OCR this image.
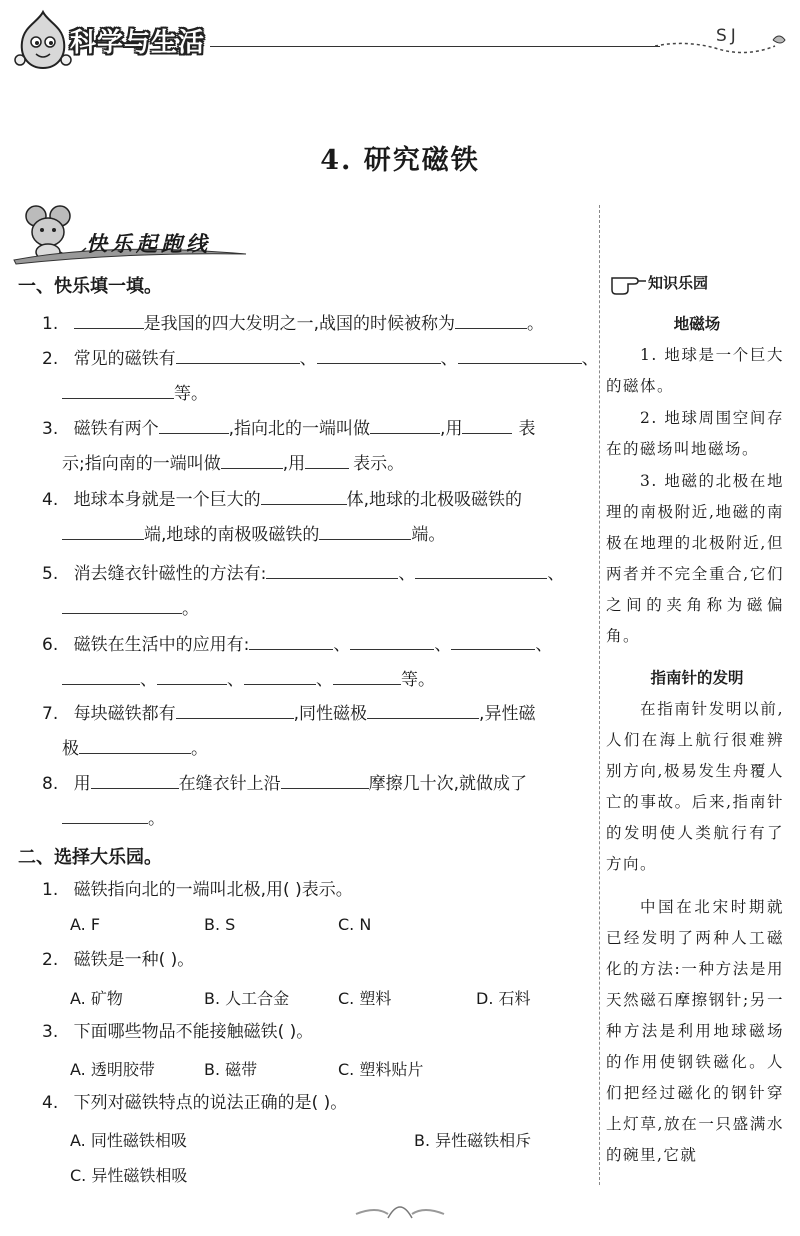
科学与生活	SJ
4. 研究磁铁
快乐起跑线
一、快乐填一填。
1.	是我国的四大发明之一,战国的时候被称为	。
2. 常见的磁铁有	、	、	、
等。
3. 磁铁有两个	,指向北的一端叫做	,用	表
示;指向南的一端叫做	,用	表示。
4. 地球本身就是一个巨大的	体,地球的北极吸磁铁的
端,地球的南极吸磁铁的	端。
5. 消去缝衣针磁性的方法有:	、	、
。
6. 磁铁在生活中的应用有:	、	、	、
、	、	、	等。
7. 每块磁铁都有	,同性磁极	,异性磁
极	。
8. 用	在缝衣针上沿	摩擦几十次,就做成了
。
二、选择大乐园。
1. 磁铁指向北的一端叫北极,用( )表示。
A. F	B. S	C. N
2. 磁铁是一种( )。
A. 矿物	B. 人工合金	C. 塑料	D. 石料
3. 下面哪些物品不能接触磁铁( )。
A. 透明胶带	B. 磁带	C. 塑料贴片
4. 下列对磁铁特点的说法正确的是( )。
A. 同性磁铁相吸	B. 异性磁铁相斥
C. 异性磁铁相吸
知识乐园
地磁场
1. 地球是一个巨大的磁体。
2. 地球周围空间存在的磁场叫地磁场。
3. 地磁的北极在地理的南极附近,地磁的南极在地理的北极附近,但两者并不完全重合,它们之间的夹角称为磁偏角。
指南针的发明
在指南针发明以前,人们在海上航行很难辨别方向,极易发生舟覆人亡的事故。后来,指南针的发明使人类航行有了方向。
中国在北宋时期就已经发明了两种人工磁化的方法:一种方法是用天然磁石摩擦钢针;另一种方法是利用地球磁场的作用使钢铁磁化。人们把经过磁化的钢针穿上灯草,放在一只盛满水的碗里,它就
